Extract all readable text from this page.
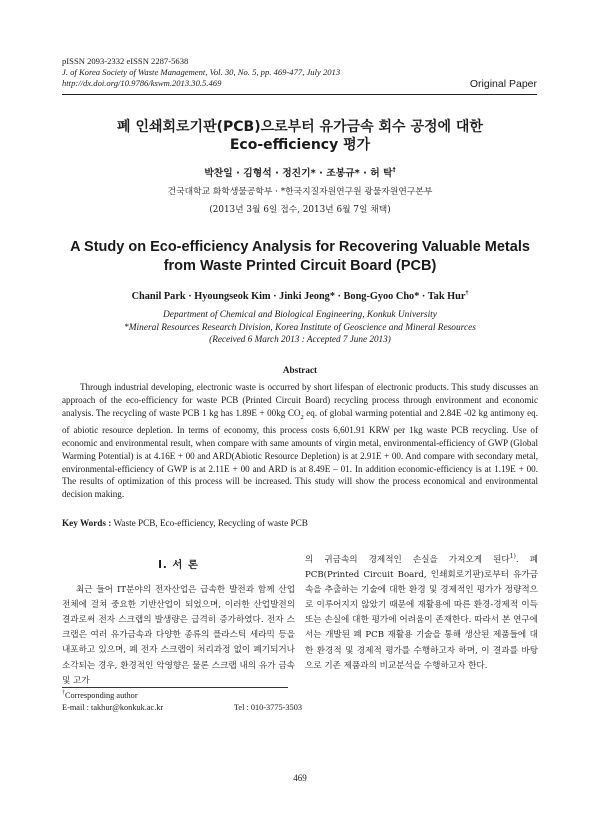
pISSN 2093-2332 eISSN 2287-5638
J. of Korea Society of Waste Management, Vol. 30, No. 5, pp. 469-477, July 2013
http://dx.doi.org/10.9786/kswm.2013.30.5.469	Original Paper
폐 인쇄회로기판(PCB)으로부터 유가금속 회수 공정에 대한
Eco-efficiency 평가
박찬일 · 김형석 · 정진기* · 조봉규* · 허 탁†
건국대학교 화학생물공학부 · *한국지질자원연구원 광물자원연구본부
(2013년 3월 6일 접수, 2013년 6월 7일 채택)
A Study on Eco-efficiency Analysis for Recovering Valuable Metals
from Waste Printed Circuit Board (PCB)
Chanil Park · Hyoungseok Kim · Jinki Jeong* · Bong-Gyoo Cho* · Tak Hur†
Department of Chemical and Biological Engineering, Konkuk University
*Mineral Resources Research Division, Korea Institute of Geoscience and Mineral Resources
(Received 6 March 2013 : Accepted 7 June 2013)
Abstract
Through industrial developing, electronic waste is occurred by short lifespan of electronic products. This study discusses an approach of the eco-efficiency for waste PCB (Printed Circuit Board) recycling process through environment and economic analysis. The recycling of waste PCB 1 kg has 1.89E + 00kg $CO_2$ eq. of global warming potential and 2.84E -02 kg antimony eq. of abiotic resource depletion. In terms of economy, this process costs 6,601.91 KRW per 1kg waste PCB recycling. Use of economic and environmental result, when compare with same amounts of virgin metal, environmental-efficiency of GWP (Global Warming Potential) is at 4.16E + 00 and ARD(Abiotic Resource Depletion) is at 2.91E + 00. And compare with secondary metal, environmental-efficiency of GWP is at 2.11E + 00 and ARD is at 8.49E – 01. In addition economic-efficiency is at 1.19E + 00. The results of optimization of this process will be increased. This study will show the process economical and environmental decision making.
Key Words : Waste PCB, Eco-efficiency, Recycling of waste PCB
I. 서 론
최근 들어 IT분야의 전자산업은 급속한 발전과 함께 산업전체에 걸쳐 중요한 기반산업이 되었으며, 이러한 산업발전의 결과로써 전자 스크랩의 발생량은 급격히 증가하였다. 전자 스크랩은 여러 유가금속과 다양한 종류의 플라스틱 세라믹 등을 내포하고 있으며, 폐 전자 스크랩이 처리과정 없이 폐기되거나 소각되는 경우, 환경적인 악영향은 물론 스크랩 내의 유가 금속 및 고가
의 귀금속의 경제적인 손실을 가져오게 된다$^{1)}$. 폐 PCB(Printed Circuit Board, 인쇄회로기판)로부터 유가금속을 추출하는 기술에 대한 환경 및 경제적인 평가가 정량적으로 이루어지지 않았기 때문에 재활용에 따른 환경-경제적 이득 또는 손실에 대한 평가에 어려움이 존재한다. 따라서 본 연구에서는 개발된 폐 PCB 재활용 기술을 통해 생산된 제품들에 대한 환경적 및 경제적 평가를 수행하고자 하며, 이 결과를 바탕으로 기존 제품과의 비교분석을 수행하고자 한다.
†Corresponding author
E-mail : takhur@konkuk.ac.kr	Tel : 010-3775-3503
469
